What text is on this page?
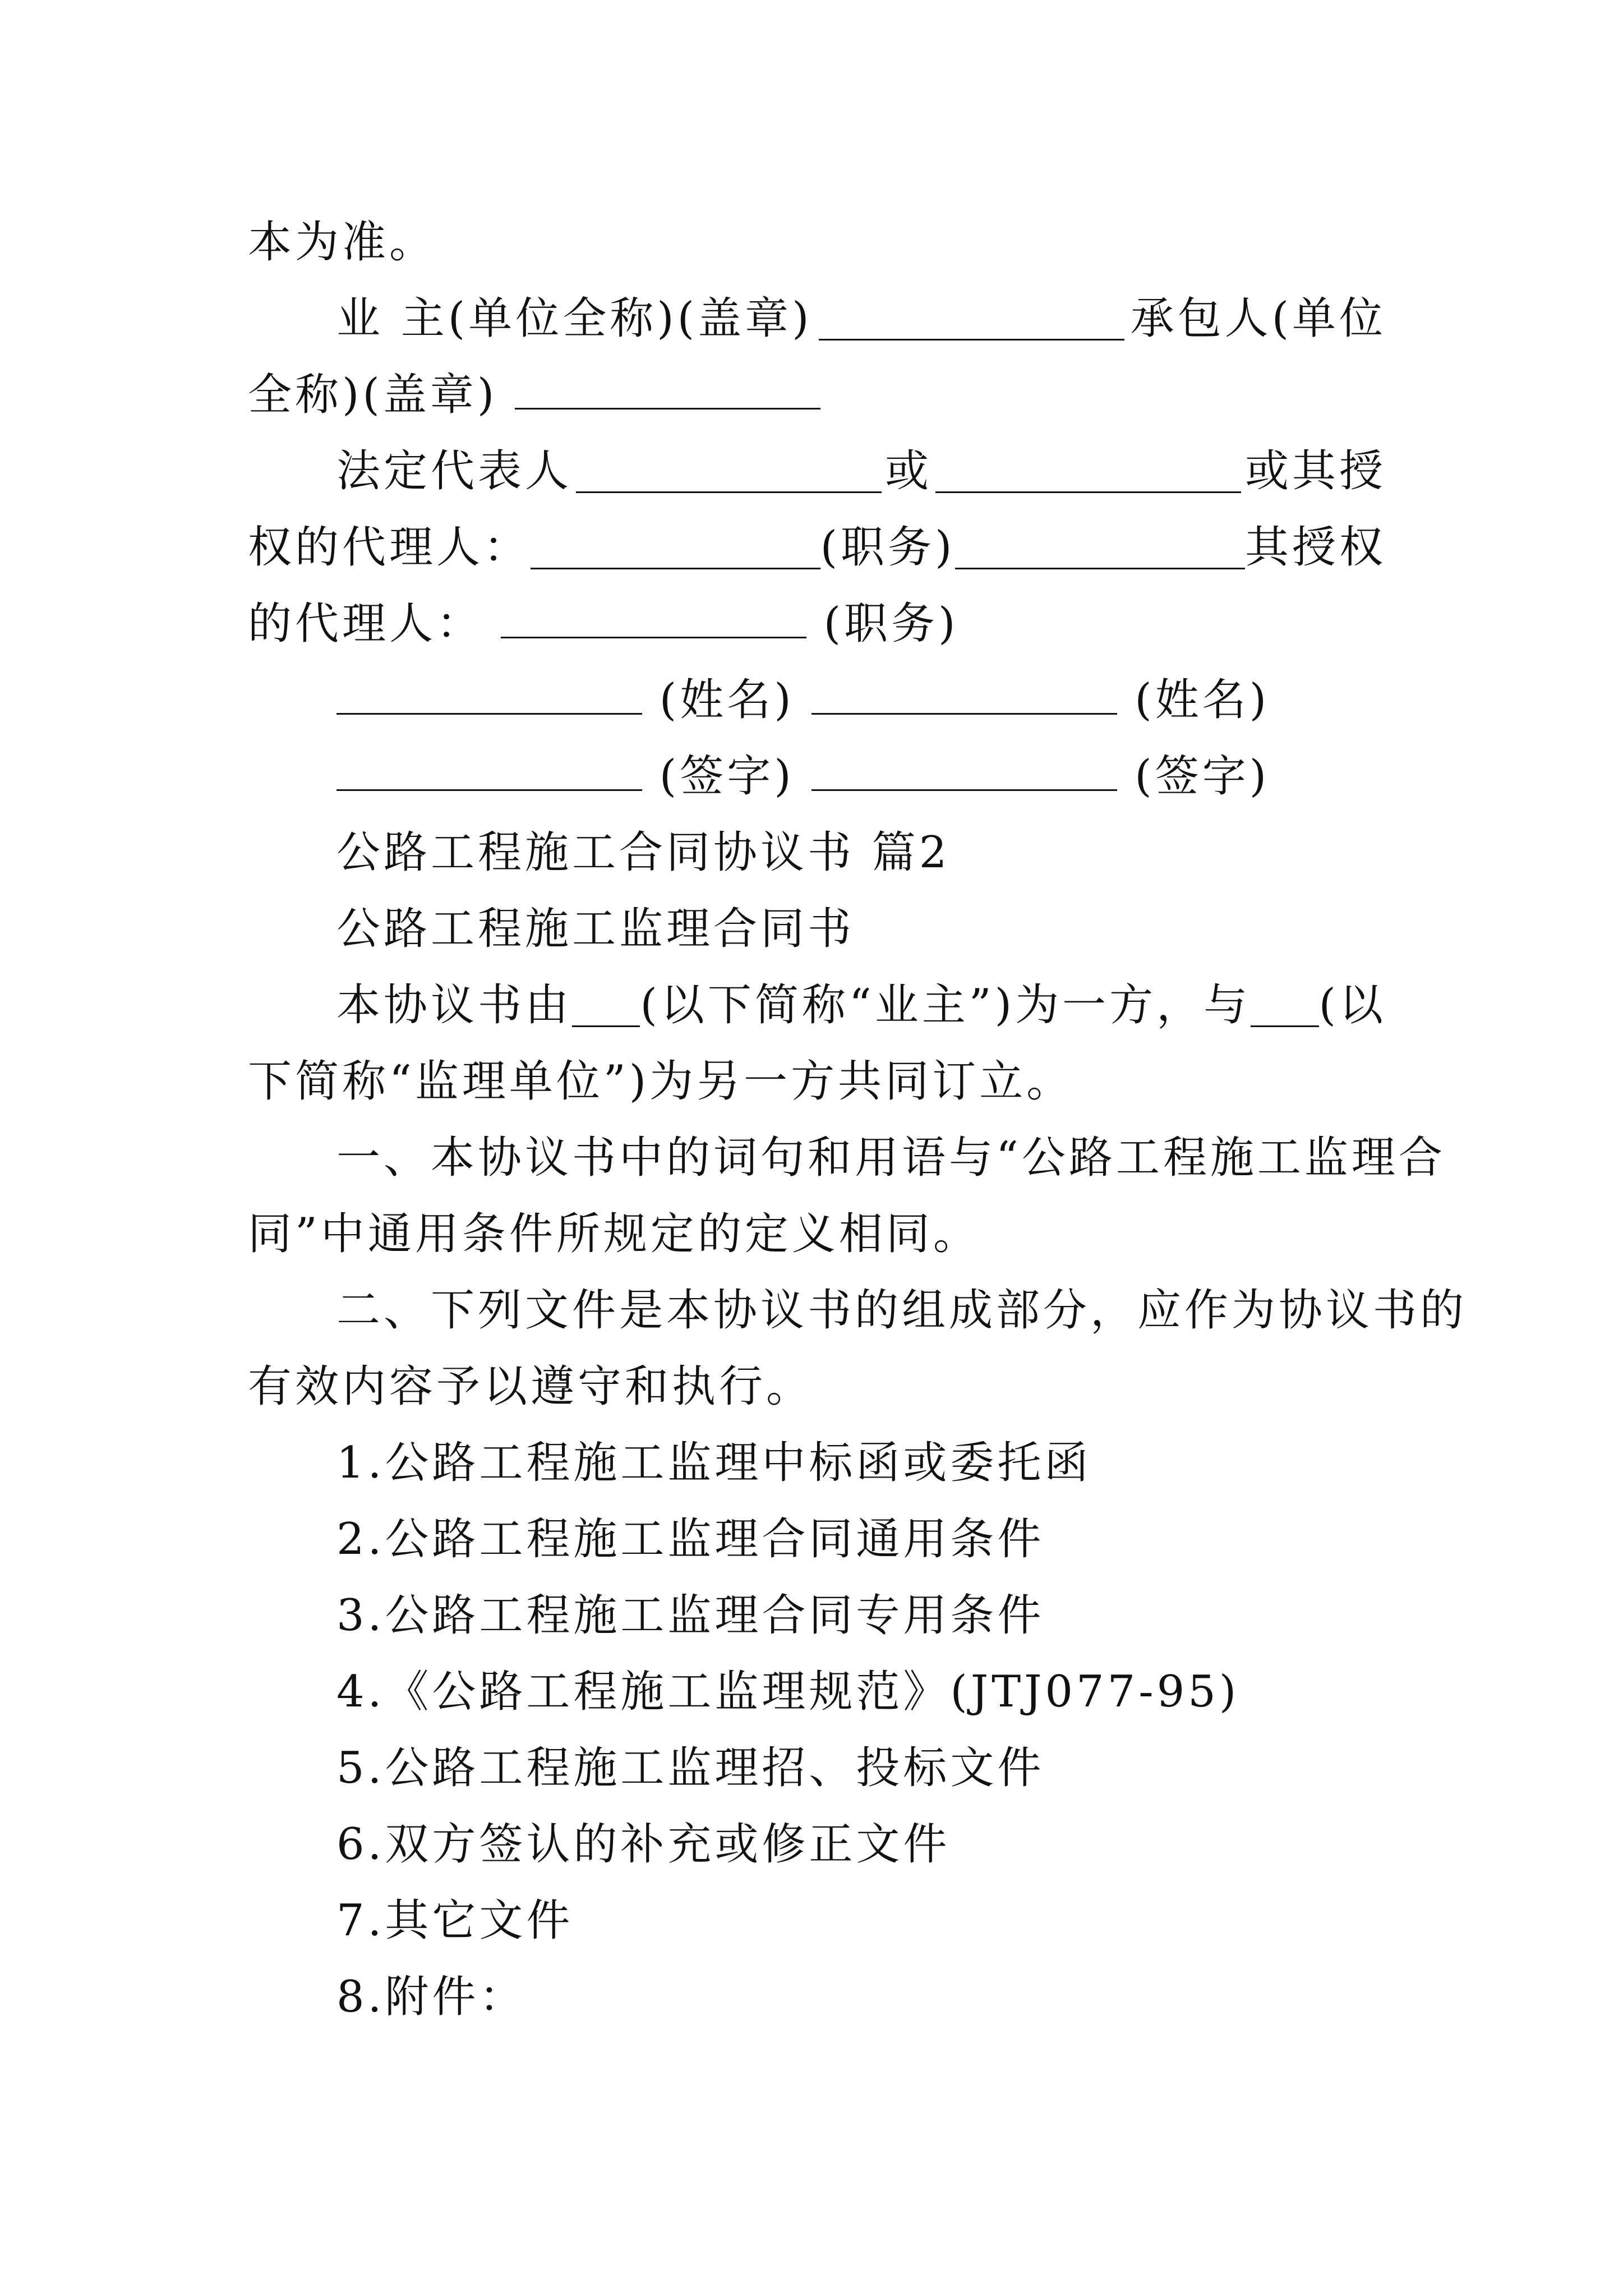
本为准。
业 主(单位全称)(盖章)	承包人(单位
全称)(盖章)
法定代表人	或	或其授
权的代理人：	(职务)	其授权
的代理人：	(职务)
(姓名)	(姓名)
(签字)	(签字)
公路工程施工合同协议书 篇2
公路工程施工监理合同书
本协议书由 (以下简称“业主”)为一方，与 (以
下简称“监理单位”)为另一方共同订立。
一、本协议书中的词句和用语与“公路工程施工监理合
同”中通用条件所规定的定义相同。
二、下列文件是本协议书的组成部分，应作为协议书的
有效内容予以遵守和执行。
1.公路工程施工监理中标函或委托函
2.公路工程施工监理合同通用条件
3.公路工程施工监理合同专用条件
4.《公路工程施工监理规范》(JTJ077-95)
5.公路工程施工监理招、投标文件
6.双方签认的补充或修正文件
7.其它文件
8.附件：
